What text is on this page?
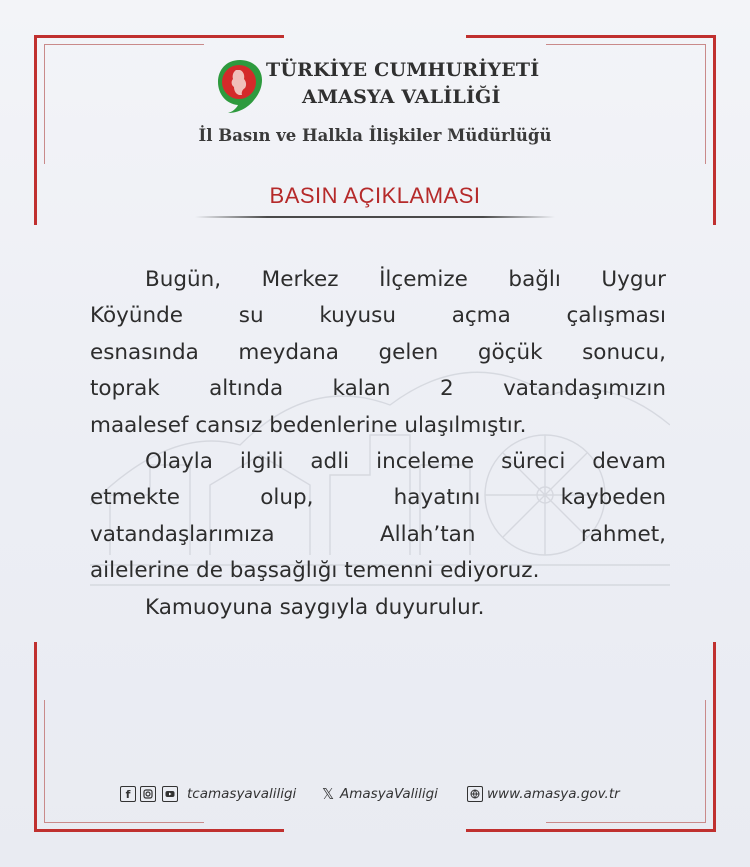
TÜRKİYE CUMHURİYETİ
AMASYA VALİLİĞİ
İl Basın ve Halkla İlişkiler Müdürlüğü
BASIN AÇIKLAMASI

Bugün, Merkez İlçemize bağlı Uygur

Köyünde su kuyusu açma çalışması

esnasında meydana gelen göçük sonucu,

toprak altında kalan 2 vatandaşımızın

maalesef cansız bedenlerine ulaşılmıştır.

Olayla ilgili adli inceleme süreci devam

etmekte olup, hayatını kaybeden

vatandaşlarımıza Allah’tan rahmet,

ailelerine de başsağlığı temenni ediyoruz.

Kamuoyuna saygıyla duyurulur.

f	tcamasyavaliligi 𝕏 AmasyaValiligi	www.amasya.gov.tr
